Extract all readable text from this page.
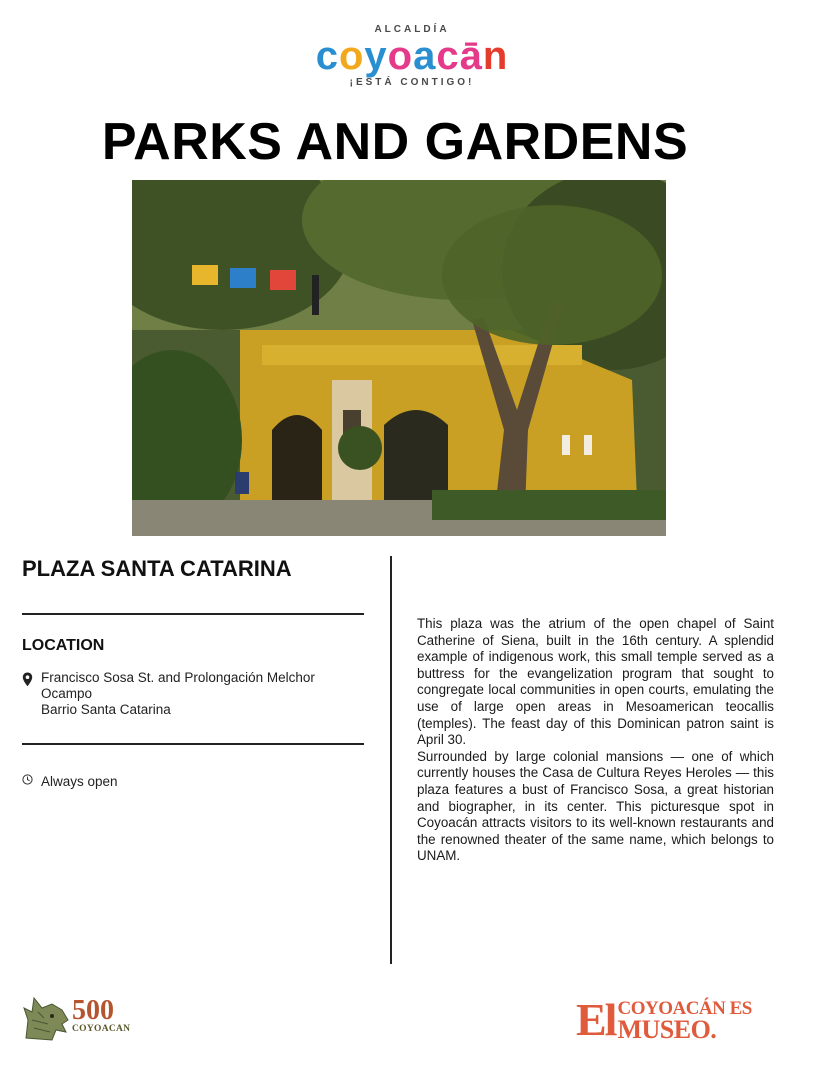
ALCALDÍA
coyoacān
¡ESTÁ CONTIGO!
PARKS AND GARDENS
PLAZA SANTA CATARINA
LOCATION
Francisco Sosa St. and Prolongación Melchor Ocampo
Barrio Santa Catarina
Always open

This plaza was the atrium of the open chapel of Saint Catherine of Siena, built in the 16th century. A splendid example of indigenous work, this small temple served as a buttress for the evangelization program that sought to congregate local communities in open courts, emulating the use of large open areas in Mesoamerican teocallis (temples). The feast day of this Dominican patron saint is April 30.

Surrounded by large colonial mansions — one of which currently houses the Casa de Cultura Reyes Heroles — this plaza features a bust of Francisco Sosa, a great historian and biographer, in its center. This picturesque spot in Coyoacán attracts visitors to its well-known restaurants and the renowned theater of the same name, which belongs to UNAM.

500
COYOACAN	El COYOACÁN ES
MUSEO.
